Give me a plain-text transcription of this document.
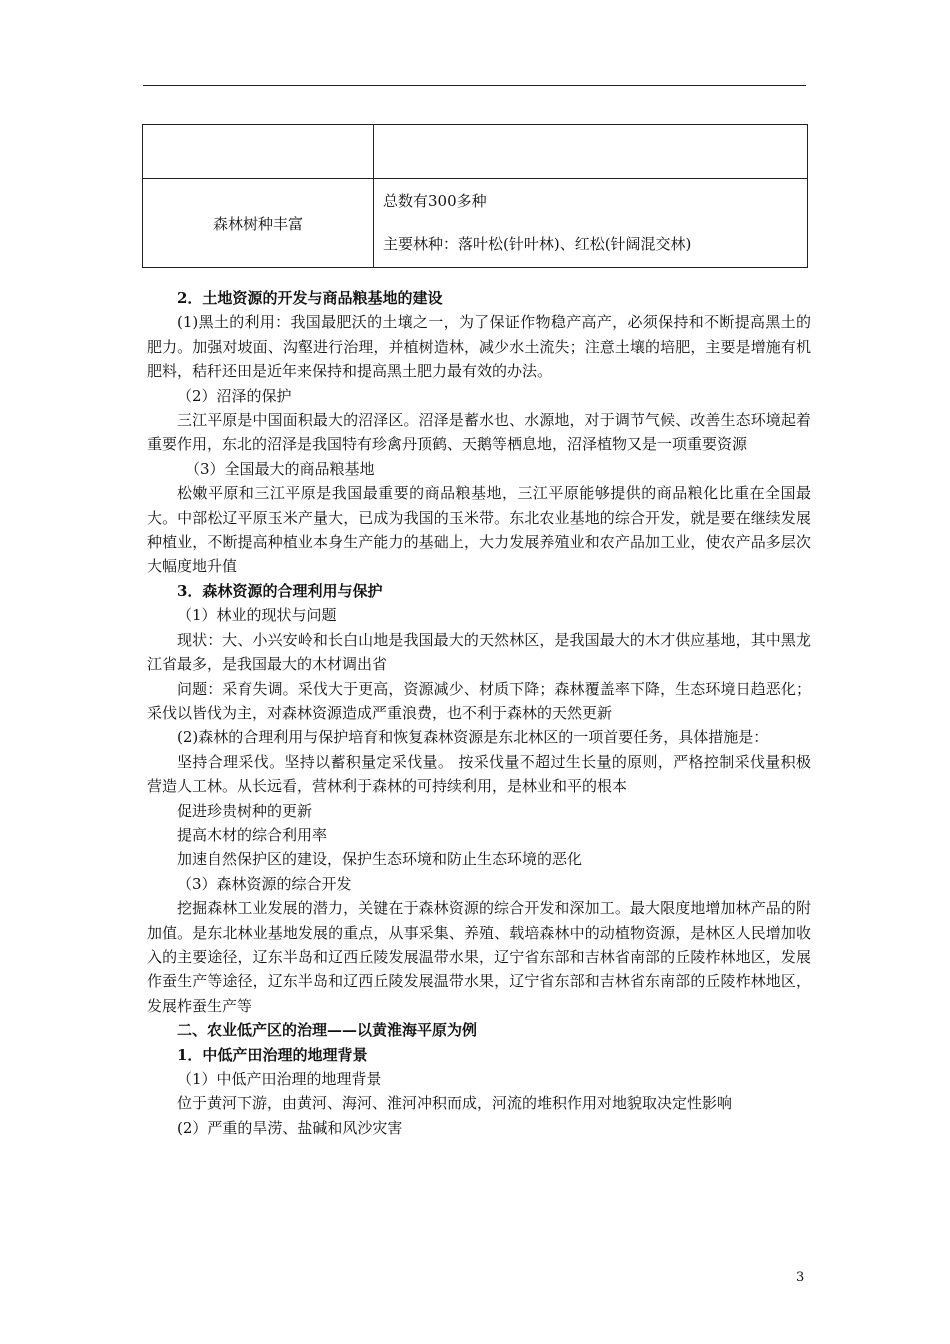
森林树种丰富	总数有300多种

主要林种：落叶松(针叶林)、红松(针阔混交林)

2．土地资源的开发与商品粮基地的建设

(1)黑土的利用：我国最肥沃的土壤之一，为了保证作物稳产高产，必须保持和不断提高黑土的肥力。加强对坡面、沟壑进行治理，并植树造林，减少水土流失；注意土壤的培肥，主要是增施有机肥料，秸秆还田是近年来保持和提高黑土肥力最有效的办法。

（2）沼泽的保护

三江平原是中国面积最大的沼泽区。沼泽是蓄水也、水源地，对于调节气候、改善生态环境起着重要作用，东北的沼泽是我国特有珍禽丹顶鹤、天鹅等栖息地，沼泽植物又是一项重要资源

（3）全国最大的商品粮基地

松嫩平原和三江平原是我国最重要的商品粮基地，三江平原能够提供的商品粮化比重在全国最大。中部松辽平原玉米产量大，已成为我国的玉米带。东北农业基地的综合开发，就是要在继续发展种植业，不断提高种植业本身生产能力的基础上，大力发展养殖业和农产品加工业，使农产品多层次大幅度地升值

3．森林资源的合理利用与保护

（1）林业的现状与问题

现状：大、小兴安岭和长白山地是我国最大的天然林区，是我国最大的木才供应基地，其中黑龙江省最多，是我国最大的木材调出省

问题：采育失调。采伐大于更高，资源减少、材质下降；森林覆盖率下降，生态环境日趋恶化；采伐以皆伐为主，对森林资源造成严重浪费，也不利于森林的天然更新

(2)森林的合理利用与保护培育和恢复森林资源是东北林区的一项首要任务，具体措施是：

坚持合理采伐。坚持以蓄积量定采伐量。 按采伐量不超过生长量的原则，严格控制采伐量积极营造人工林。从长远看，营林利于森林的可持续利用，是林业和平的根本

促进珍贵树种的更新

提高木材的综合利用率

加速自然保护区的建设，保护生态环境和防止生态环境的恶化

（3）森林资源的综合开发

挖掘森林工业发展的潜力，关键在于森林资源的综合开发和深加工。最大限度地增加林产品的附加值。是东北林业基地发展的重点，从事采集、养殖、载培森林中的动植物资源，是林区人民增加收入的主要途径，辽东半岛和辽西丘陵发展温带水果，辽宁省东部和吉林省南部的丘陵柞林地区，发展作蚕生产等途径，辽东半岛和辽西丘陵发展温带水果，辽宁省东部和吉林省东南部的丘陵柞林地区，发展柞蚕生产等

二、农业低产区的治理——以黄淮海平原为例

1．中低产田治理的地理背景

（1）中低产田治理的地理背景

位于黄河下游，由黄河、海河、淮河冲积而成，河流的堆积作用对地貌取决定性影响

(2）严重的旱涝、盐碱和风沙灾害

3
